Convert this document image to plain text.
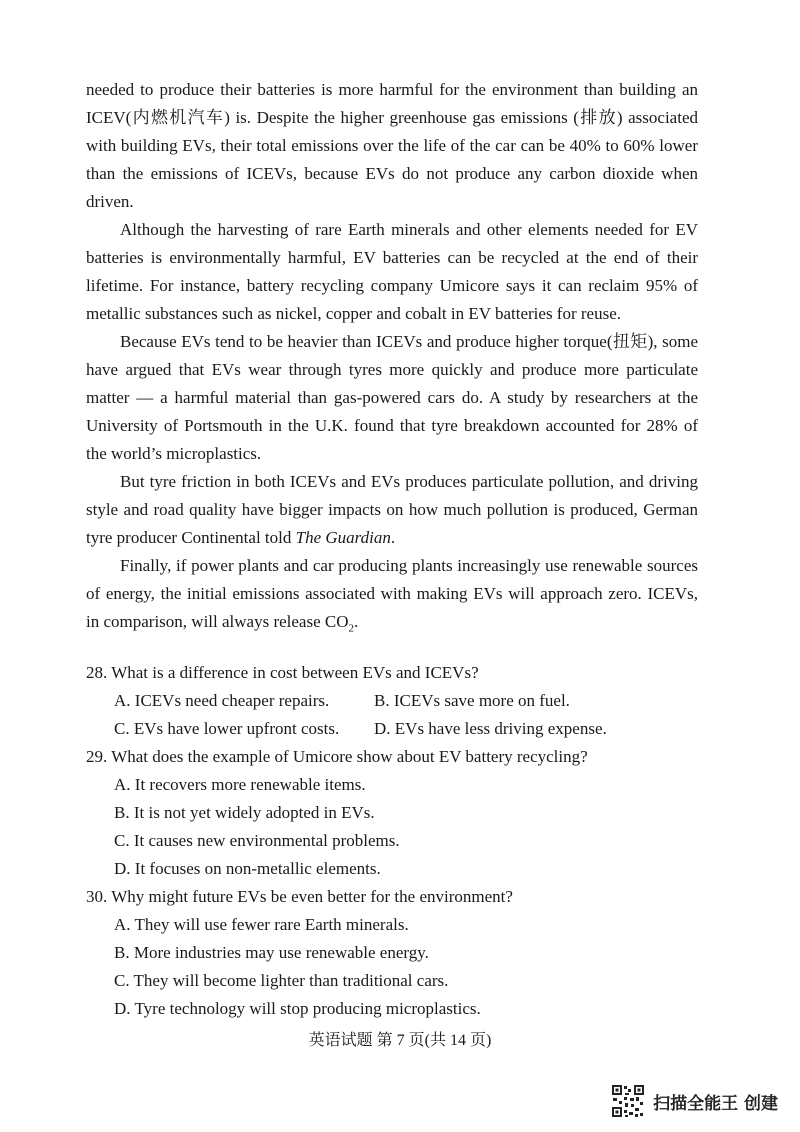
needed to produce their batteries is more harmful for the environment than building an ICEV(内燃机汽车) is. Despite the higher greenhouse gas emissions (排放) associated with building EVs, their total emissions over the life of the car can be 40% to 60% lower than the emissions of ICEVs, because EVs do not produce any carbon dioxide when driven.

Although the harvesting of rare Earth minerals and other elements needed for EV batteries is environmentally harmful, EV batteries can be recycled at the end of their lifetime. For instance, battery recycling company Umicore says it can reclaim 95% of metallic substances such as nickel, copper and cobalt in EV batteries for reuse.

Because EVs tend to be heavier than ICEVs and produce higher torque(扭矩), some have argued that EVs wear through tyres more quickly and produce more particulate matter — a harmful material than gas-powered cars do. A study by researchers at the University of Portsmouth in the U.K. found that tyre breakdown accounted for 28% of the world’s microplastics.

But tyre friction in both ICEVs and EVs produces particulate pollution, and driving style and road quality have bigger impacts on how much pollution is produced, German tyre producer Continental told The Guardian.

Finally, if power plants and car producing plants increasingly use renewable sources of energy, the initial emissions associated with making EVs will approach zero. ICEVs, in comparison, will always release $CO_2$.

28. What is a difference in cost between EVs and ICEVs?

A. ICEVs need cheaper repairs.	B. ICEVs save more on fuel.

C. EVs have lower upfront costs.	D. EVs have less driving expense.

29. What does the example of Umicore show about EV battery recycling?

A. It recovers more renewable items.

B. It is not yet widely adopted in EVs.

C. It causes new environmental problems.

D. It focuses on non-metallic elements.

30. Why might future EVs be even better for the environment?

A. They will use fewer rare Earth minerals.

B. More industries may use renewable energy.

C. They will become lighter than traditional cars.

D. Tyre technology will stop producing microplastics.

英语试题 第 7 页(共 14 页)
扫描全能王 创建
